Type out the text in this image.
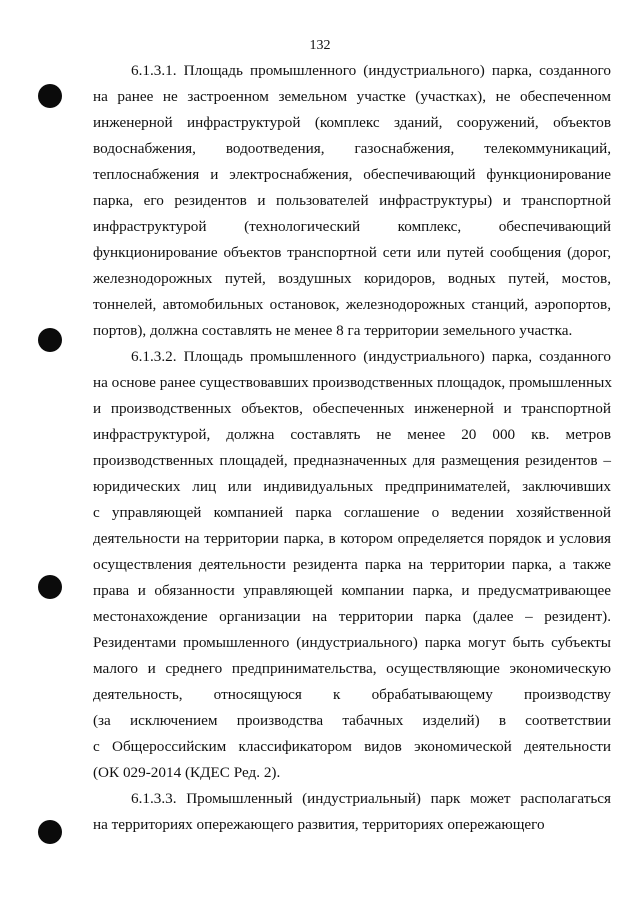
132
6.1.3.1. Площадь промышленного (индустриального) парка, созданного
на ранее не застроенном земельном участке (участках), не обеспеченном
инженерной инфраструктурой (комплекс зданий, сооружений, объектов
водоснабжения, водоотведения, газоснабжения, телекоммуникаций,
теплоснабжения и электроснабжения, обеспечивающий функционирование
парка, его резидентов и пользователей инфраструктуры) и транспортной
инфраструктурой (технологический комплекс, обеспечивающий
функционирование объектов транспортной сети или путей сообщения (дорог,
железнодорожных путей, воздушных коридоров, водных путей, мостов,
тоннелей, автомобильных остановок, железнодорожных станций, аэропортов,
портов), должна составлять не менее 8 га территории земельного участка.
6.1.3.2. Площадь промышленного (индустриального) парка, созданного
на основе ранее существовавших производственных площадок, промышленных
и производственных объектов, обеспеченных инженерной и транспортной
инфраструктурой, должна составлять не менее 20 000 кв. метров
производственных площадей, предназначенных для размещения резидентов –
юридических лиц или индивидуальных предпринимателей, заключивших
с управляющей компанией парка соглашение о ведении хозяйственной
деятельности на территории парка, в котором определяется порядок и условия
осуществления деятельности резидента парка на территории парка, а также
права и обязанности управляющей компании парка, и предусматривающее
местонахождение организации на территории парка (далее – резидент).
Резидентами промышленного (индустриального) парка могут быть субъекты
малого и среднего предпринимательства, осуществляющие экономическую
деятельность, относящуюся к обрабатывающему производству
(за исключением производства табачных изделий) в соответствии
с Общероссийским классификатором видов экономической деятельности
(ОК 029-2014 (КДЕС Ред. 2).
6.1.3.3. Промышленный (индустриальный) парк может располагаться
на территориях опережающего развития, территориях опережающего
